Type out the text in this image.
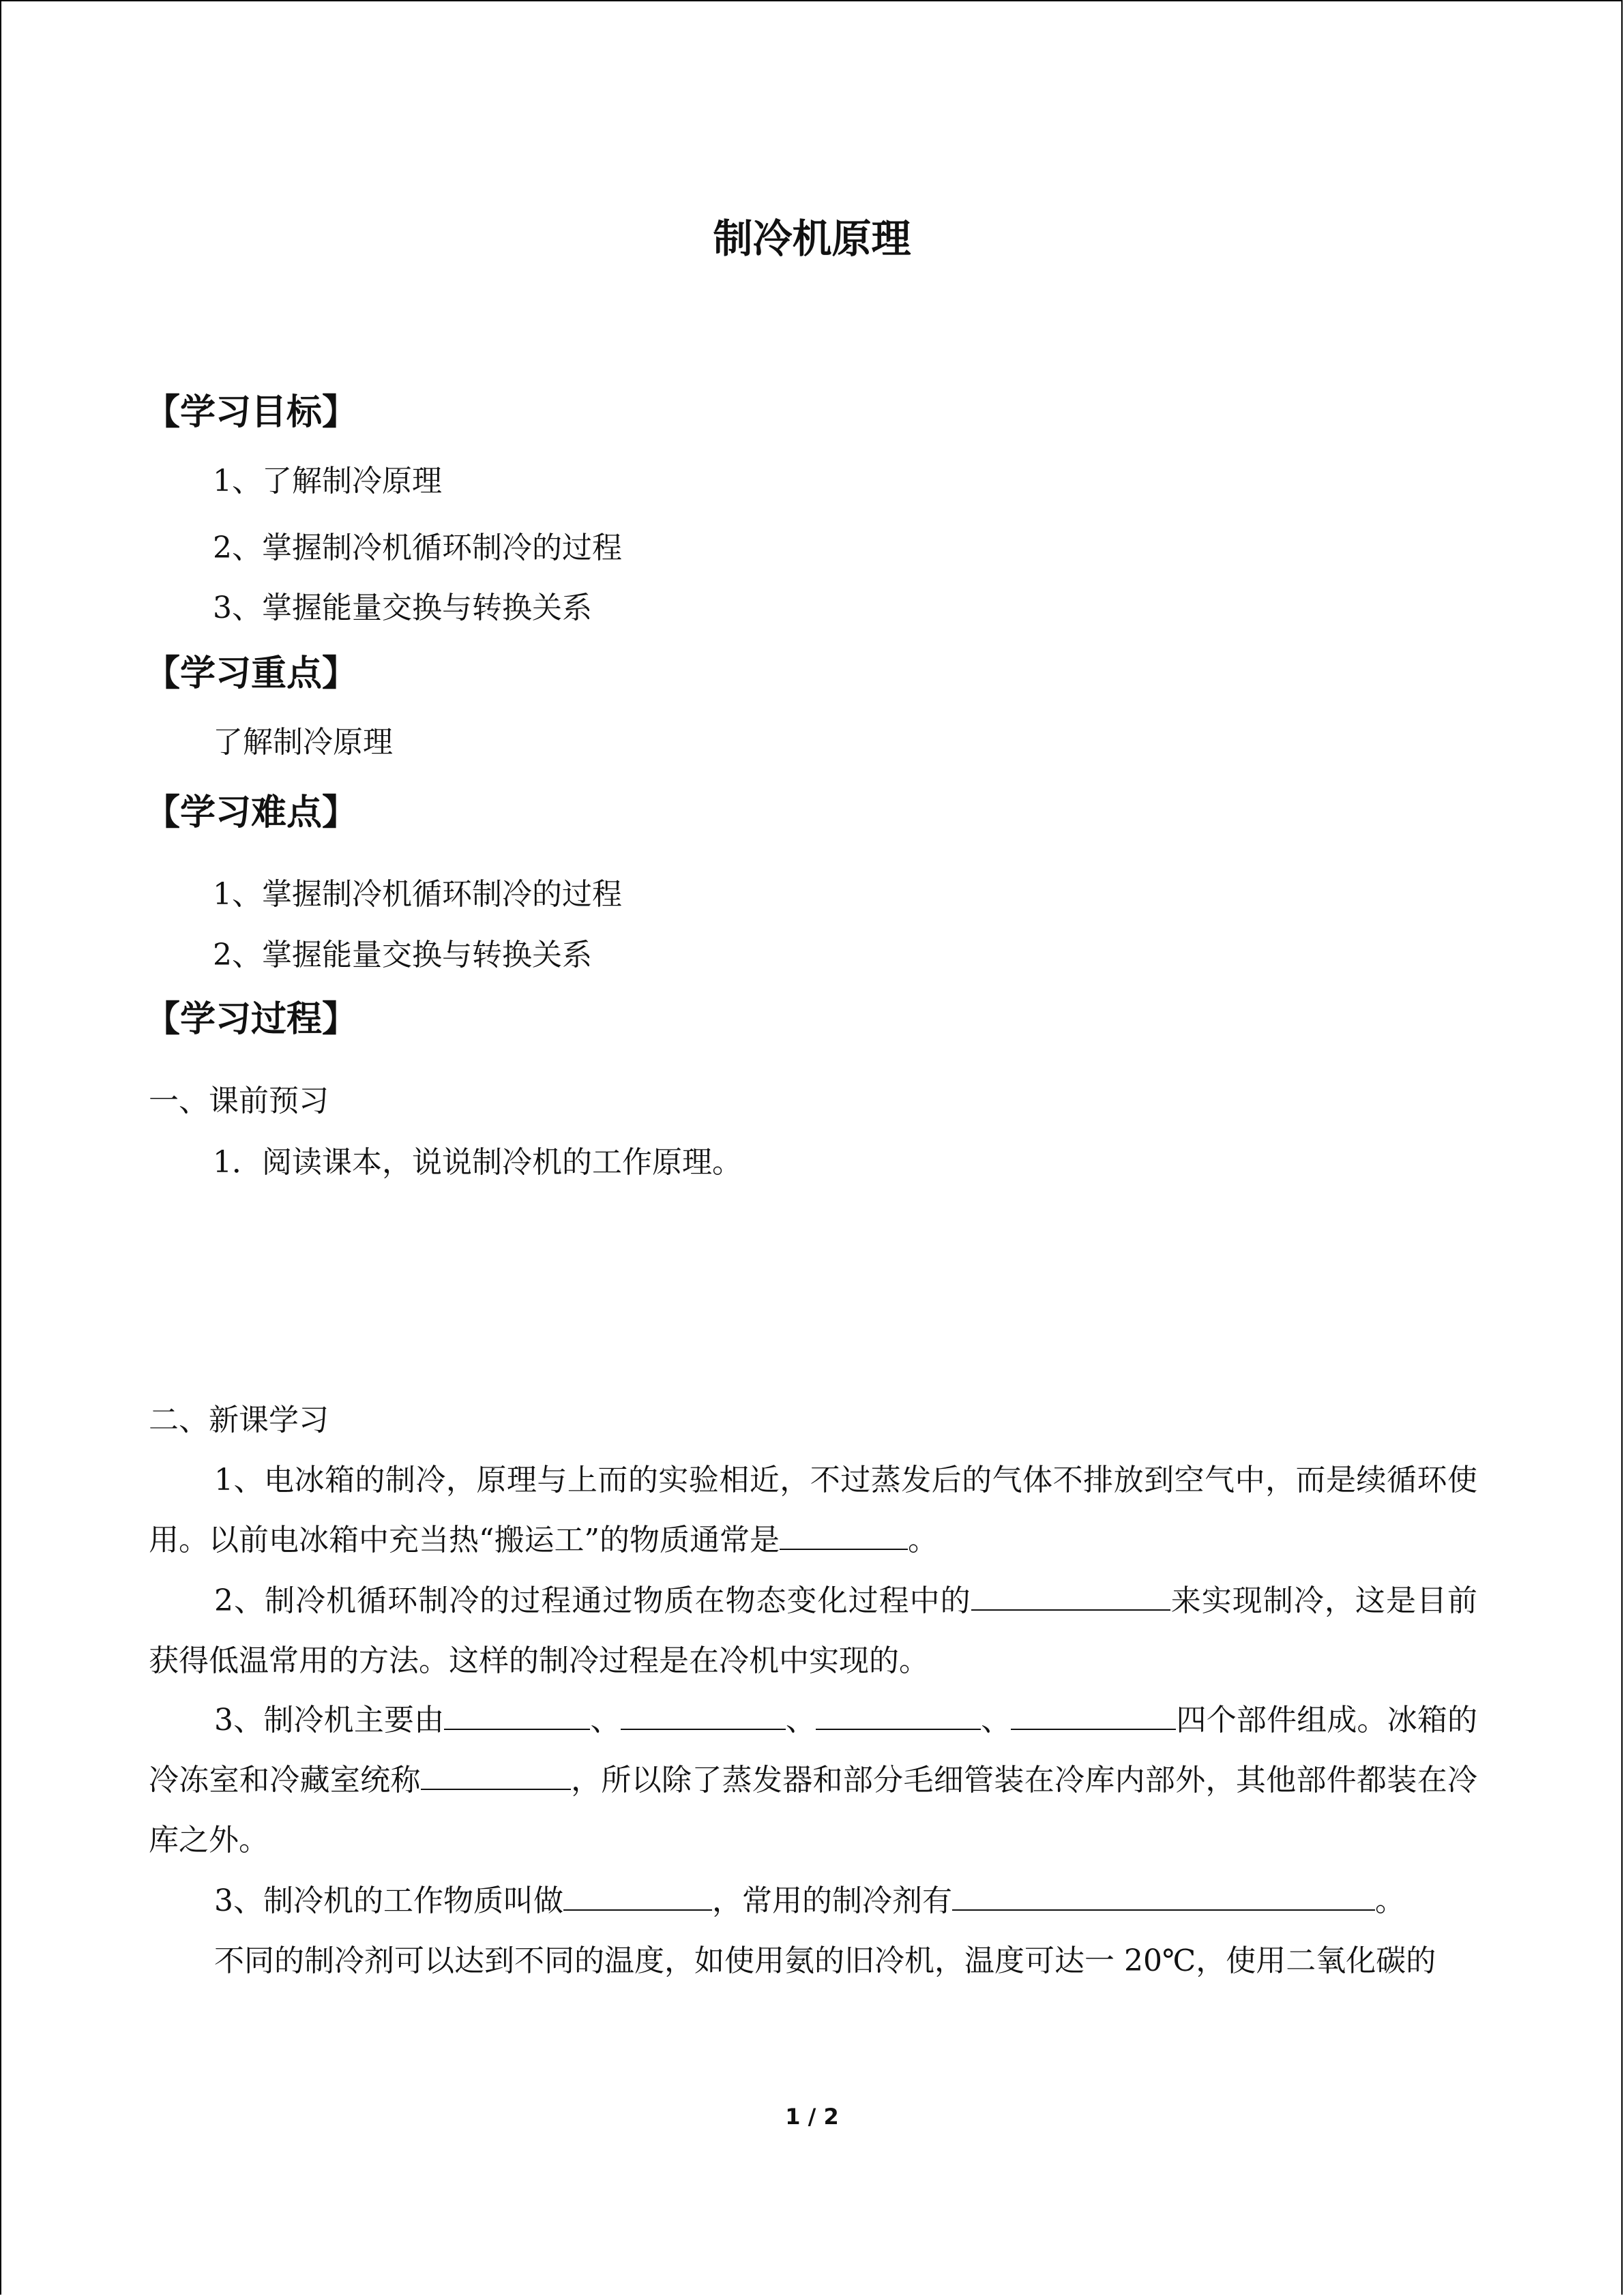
制冷机原理
【学习目标】

1、了解制冷原理

2、掌握制冷机循环制冷的过程

3、掌握能量交换与转换关系

【学习重点】

了解制冷原理

【学习难点】

1、掌握制冷机循环制冷的过程

2、掌握能量交换与转换关系

【学习过程】

一、课前预习

1．阅读课本，说说制冷机的工作原理。

二、新课学习

1、电冰箱的制冷，原理与上而的实验相近，不过蒸发后的气体不排放到空气中，而是续循环使用。以前电冰箱中充当热“搬运工”的物质通常是	。

2、制冷机循环制冷的过程通过物质在物态变化过程中的	来实现制冷，这是目前获得低温常用的方法。这样的制冷过程是在冷机中实现的。

3、制冷机主要由	、	、	、	四个部件组成。冰箱的冷冻室和冷藏室统称	，所以除了蒸发器和部分毛细管装在冷库内部外，其他部件都装在冷库之外。

3、制冷机的工作物质叫做	，常用的制冷剂有	。

不同的制冷剂可以达到不同的温度，如使用氨的旧冷机，温度可达一 20℃，使用二氧化碳的

1 / 2
